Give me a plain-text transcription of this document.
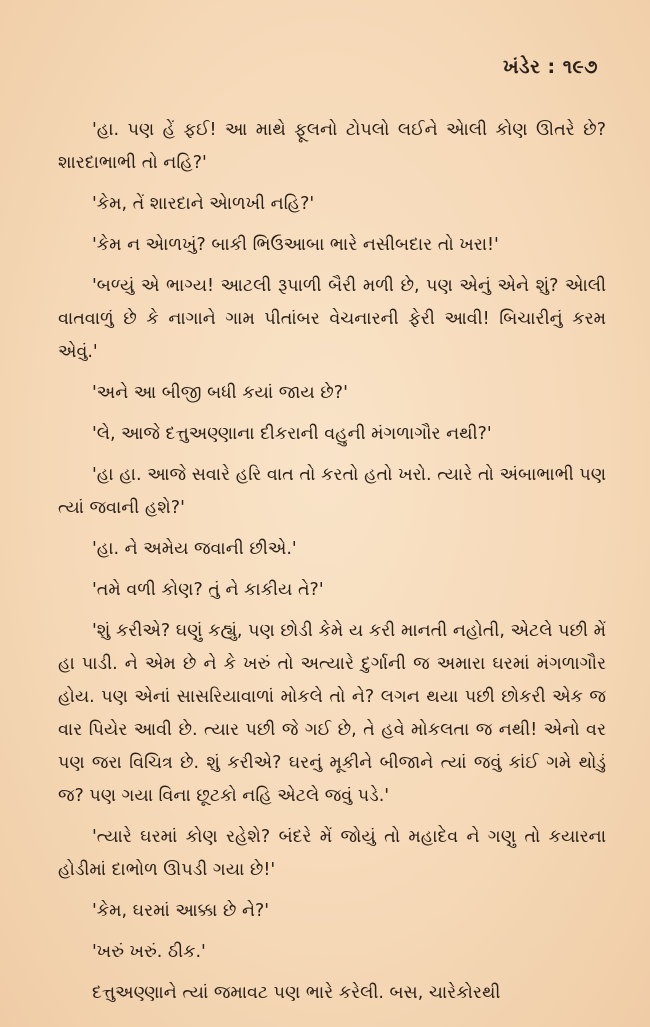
ખંડેર : ૧૯૭

'હા. પણ હેં ફઈ! આ માથે ફૂલનો ટોપલો લઈને એાલી કોણ ઊતરે છે? શારદાભાભી તો નહિ?'

'કેમ, તેં શારદાને એાળખી નહિ?'

'કેમ ન એાળખું? બાકી ભિઉઆબા ભારે નસીબદાર તો ખરા!'

'બળ્યું એ ભાગ્ય! આટલી રૂપાળી બૈરી મળી છે, પણ એનું એને શું? એાલી વાતવાળું છે કે નાગાને ગામ પીતાંબર વેચનારની ફેરી આવી! બિચારીનું કરમ એવું.'

'અને આ બીજી બધી કયાં જાય છે?'

'લે, આજે દત્તુઅણ્ણાના દીકરાની વહુની મંગળાગૌર નથી?'

'હા હા. આજે સવારે હરિ વાત તો કરતો હતો ખરો. ત્યારે તો અંબાભાભી પણ ત્યાં જવાની હશે?'

'હા. ને અમેય જવાની છીએ.'

'તમે વળી કોણ? તું ને કાકીય તે?'

'શું કરીએ? ઘણું કહ્યું, પણ છોડી કેમે ય કરી માનતી નહોતી, એટલે પછી મેં હા પાડી. ને એમ છે ને કે ખરું તો અત્યારે દુર્ગાની જ અમારા ઘરમાં મંગળાગૌર હોય. પણ એનાં સાસરિયાવાળાં મોકલે તો ને? લગન થયા પછી છોકરી એક જ વાર પિયેર આવી છે. ત્યાર પછી જે ગઈ છે, તે હવે મોકલતા જ નથી! એનો વર પણ જરા વિચિત્ર છે. શું કરીએ? ઘરનું મૂકીને બીજાને ત્યાં જવું કાંઈ ગમે થોડું જ? પણ ગયા વિના છૂટકો નહિ એટલે જવું પડે.'

'ત્યારે ઘરમાં કોણ રહેશે? બંદરે મેં જોયું તો મહાદેવ ને ગણુ તો કયારના હોડીમાં દાભોળ ઊપડી ગયા છે!'

'કેમ, ઘરમાં આક્કા છે ને?'

'ખરું ખરું. ઠીક.'

દત્તુઅણ્ણાને ત્યાં જમાવટ પણ ભારે કરેલી. બસ, ચારેકોરથી
